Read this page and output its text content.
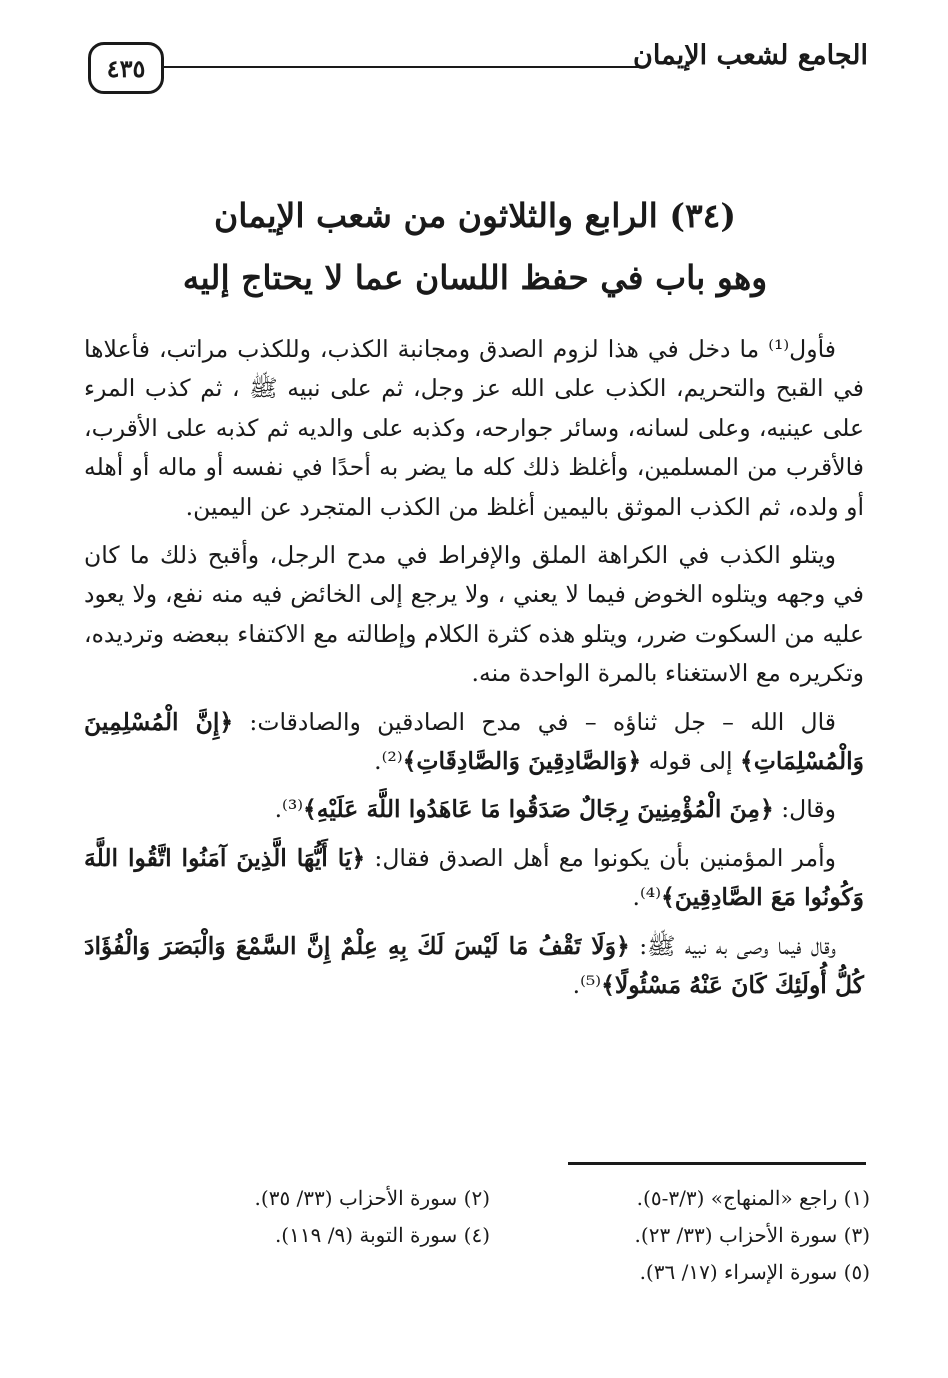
٤٣٥	الجامع لشعب الإيمان
(٣٤) الرابع والثلاثون من شعب الإيمان
وهو باب في حفظ اللسان عما لا يحتاج إليه

فأول⁽¹⁾ ما دخل في هذا لزوم الصدق ومجانبة الكذب، وللكذب مراتب، فأعلاها في القبح والتحريم، الكذب على الله عز وجل، ثم على نبيه ﷺ ، ثم كذب المرء على عينيه، وعلى لسانه، وسائر جوارحه، وكذبه على والديه ثم كذبه على الأقرب، فالأقرب من المسلمين، وأغلظ ذلك كله ما يضر به أحدًا في نفسه أو ماله أو أهله أو ولده، ثم الكذب الموثق باليمين أغلظ من الكذب المتجرد عن اليمين.

ويتلو الكذب في الكراهة الملق والإفراط في مدح الرجل، وأقبح ذلك ما كان في وجهه ويتلوه الخوض فيما لا يعني ، ولا يرجع إلى الخائض فيه منه نفع، ولا يعود عليه من السكوت ضرر، ويتلو هذه كثرة الكلام وإطالته مع الاكتفاء ببعضه وترديده، وتكريره مع الاستغناء بالمرة الواحدة منه.

قال الله – جل ثناؤه – في مدح الصادقين والصادقات: ﴿إِنَّ الْمُسْلِمِينَ وَالْمُسْلِمَاتِ﴾ إلى قوله ﴿وَالصَّادِقِينَ وَالصَّادِقَاتِ﴾⁽²⁾.

وقال: ﴿مِنَ الْمُؤْمِنِينَ رِجَالٌ صَدَقُوا مَا عَاهَدُوا اللَّهَ عَلَيْهِ﴾⁽³⁾.

وأمر المؤمنين بأن يكونوا مع أهل الصدق فقال: ﴿يَا أَيُّهَا الَّذِينَ آمَنُوا اتَّقُوا اللَّهَ وَكُونُوا مَعَ الصَّادِقِينَ﴾⁽⁴⁾.

وقال فيما وصى به نبيه ﷺ: ﴿وَلَا تَقْفُ مَا لَيْسَ لَكَ بِهِ عِلْمٌ إِنَّ السَّمْعَ وَالْبَصَرَ وَالْفُؤَادَ كُلُّ أُولَئِكَ كَانَ عَنْهُ مَسْئُولًا﴾⁽⁵⁾.

(١) راجع «المنهاج» (٣/٣-٥).
(٢) سورة الأحزاب (٣٣/ ٣٥).
(٣) سورة الأحزاب (٣٣/ ٢٣).
(٤) سورة التوبة (٩/ ١١٩).
(٥) سورة الإسراء (١٧/ ٣٦).
